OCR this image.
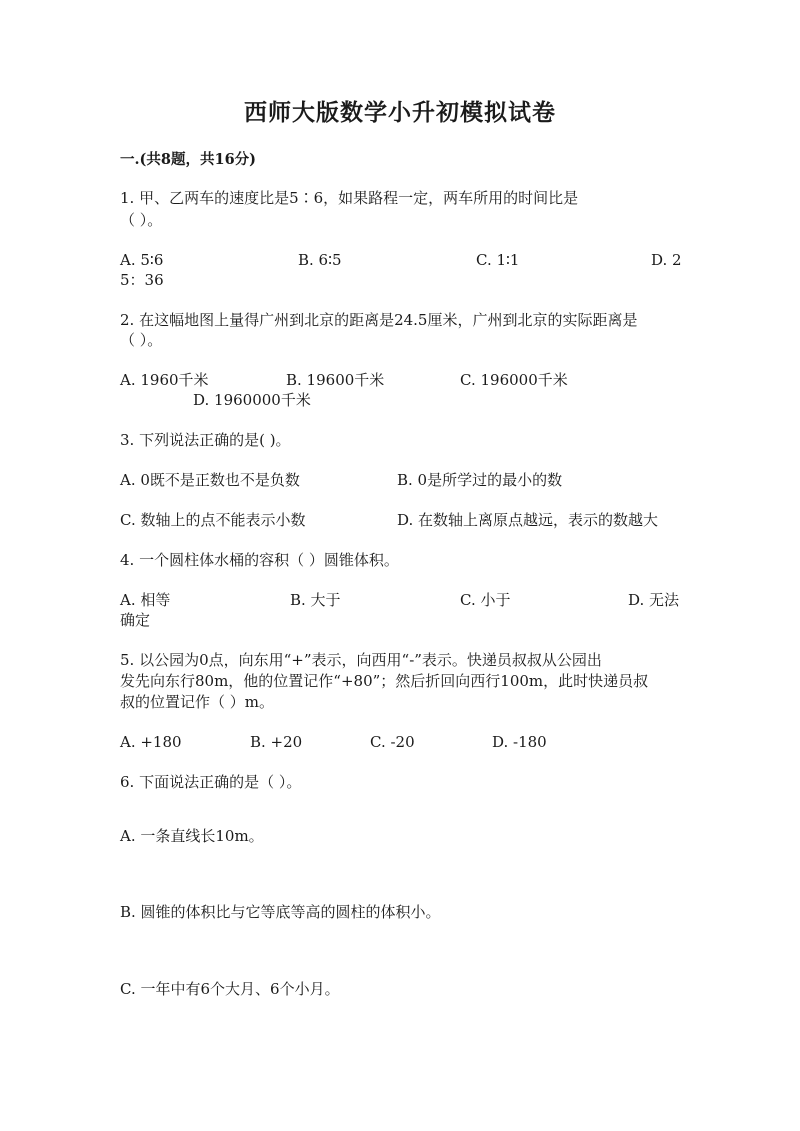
西师大版数学小升初模拟试卷
一.(共8题，共16分)
1. 甲、乙两车的速度比是5∶6，如果路程一定，两车所用的时间比是
（ ）。
A. 5∶6	B. 6∶5	C. 1∶1	D. 2
5：36
2. 在这幅地图上量得广州到北京的距离是24.5厘米，广州到北京的实际距离是
（ ）。
A. 1960千米	B. 19600千米	C. 196000千米
D. 1960000千米
3. 下列说法正确的是( )。
A. 0既不是正数也不是负数	B. 0是所学过的最小的数
C. 数轴上的点不能表示小数	D. 在数轴上离原点越远，表示的数越大
4. 一个圆柱体水桶的容积（ ）圆锥体积。
A. 相等	B. 大于	C. 小于	D. 无法
确定
5. 以公园为0点，向东用“+”表示，向西用“-”表示。快递员叔叔从公园出
发先向东行80m，他的位置记作“+80”；然后折回向西行100m，此时快递员叔
叔的位置记作（ ）m。
A. +180	B. +20	C. -20	D. -180
6. 下面说法正确的是（ ）。
A. 一条直线长10m。
B. 圆锥的体积比与它等底等高的圆柱的体积小。
C. 一年中有6个大月、6个小月。
